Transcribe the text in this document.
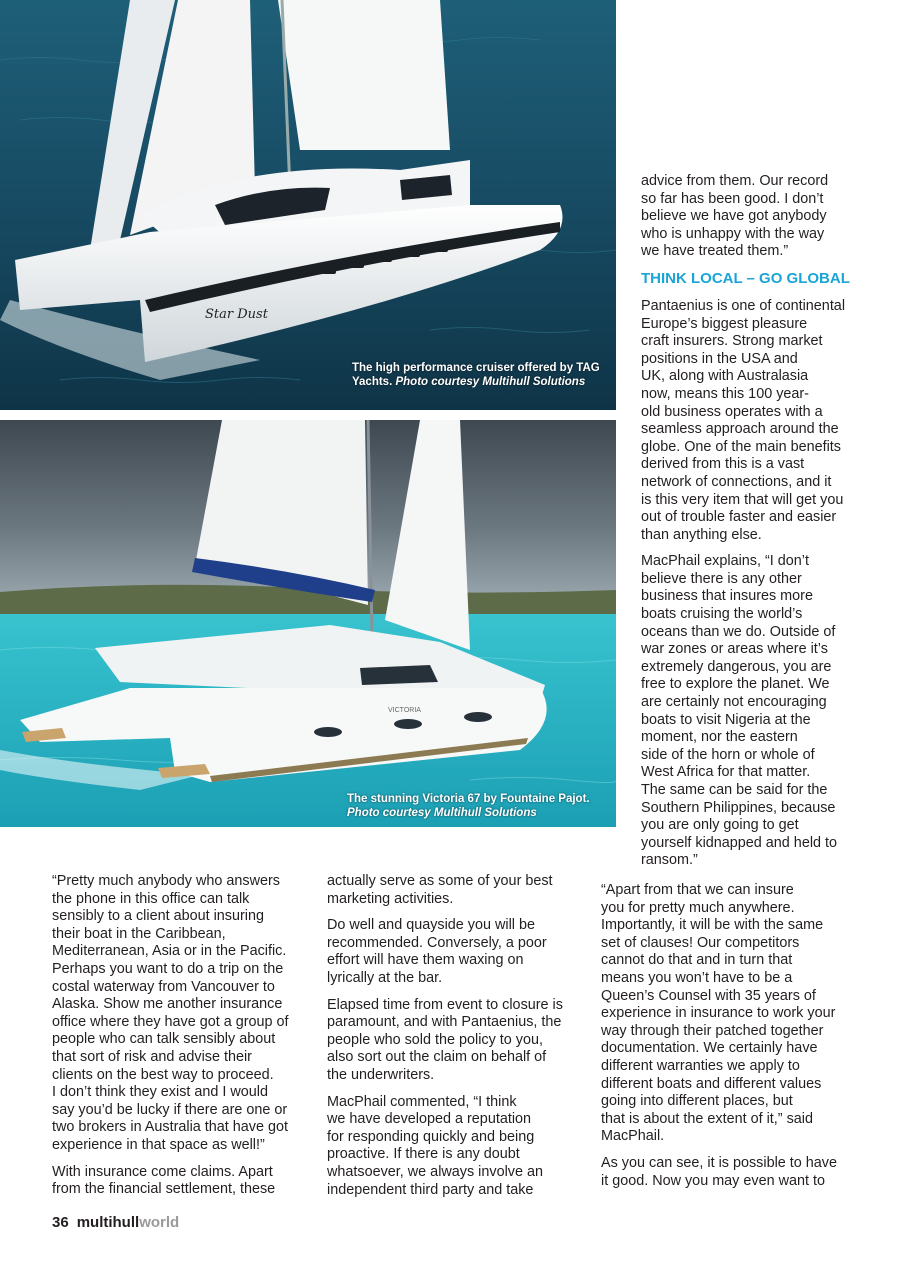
Star Dust
The high performance cruiser offered by TAG Yachts. Photo courtesy Multihull Solutions
VICTORIA
The stunning Victoria 67 by Fountaine Pajot.
Photo courtesy Multihull Solutions

advice from them. Our record
so far has been good. I don’t
believe we have got anybody
who is unhappy with the way
we have treated them.”

THINK LOCAL – GO GLOBAL

Pantaenius is one of continental
Europe’s biggest pleasure
craft insurers. Strong market
positions in the USA and
UK, along with Australasia
now, means this 100 year-
old business operates with a
seamless approach around the
globe. One of the main benefits
derived from this is a vast
network of connections, and it
is this very item that will get you
out of trouble faster and easier
than anything else.

MacPhail explains, “I don’t
believe there is any other
business that insures more
boats cruising the world’s
oceans than we do. Outside of
war zones or areas where it’s
extremely dangerous, you are
free to explore the planet. We
are certainly not encouraging
boats to visit Nigeria at the
moment, nor the eastern
side of the horn or whole of
West Africa for that matter.
The same can be said for the
Southern Philippines, because
you are only going to get
yourself kidnapped and held to
ransom.”

“Pretty much anybody who answers
the phone in this office can talk
sensibly to a client about insuring
their boat in the Caribbean,
Mediterranean, Asia or in the Pacific.
Perhaps you want to do a trip on the
costal waterway from Vancouver to
Alaska. Show me another insurance
office where they have got a group of
people who can talk sensibly about
that sort of risk and advise their
clients on the best way to proceed.
I don’t think they exist and I would
say you’d be lucky if there are one or
two brokers in Australia that have got
experience in that space as well!”

With insurance come claims. Apart
from the financial settlement, these

actually serve as some of your best
marketing activities.

Do well and quayside you will be
recommended. Conversely, a poor
effort will have them waxing on
lyrically at the bar.

Elapsed time from event to closure is
paramount, and with Pantaenius, the
people who sold the policy to you,
also sort out the claim on behalf of
the underwriters.

MacPhail commented, “I think
we have developed a reputation
for responding quickly and being
proactive. If there is any doubt
whatsoever, we always involve an
independent third party and take

“Apart from that we can insure
you for pretty much anywhere.
Importantly, it will be with the same
set of clauses! Our competitors
cannot do that and in turn that
means you won’t have to be a
Queen’s Counsel with 35 years of
experience in insurance to work your
way through their patched together
documentation. We certainly have
different warranties we apply to
different boats and different values
going into different places, but
that is about the extent of it,” said
MacPhail.

As you can see, it is possible to have
it good. Now you may even want to

36 multihullworld
